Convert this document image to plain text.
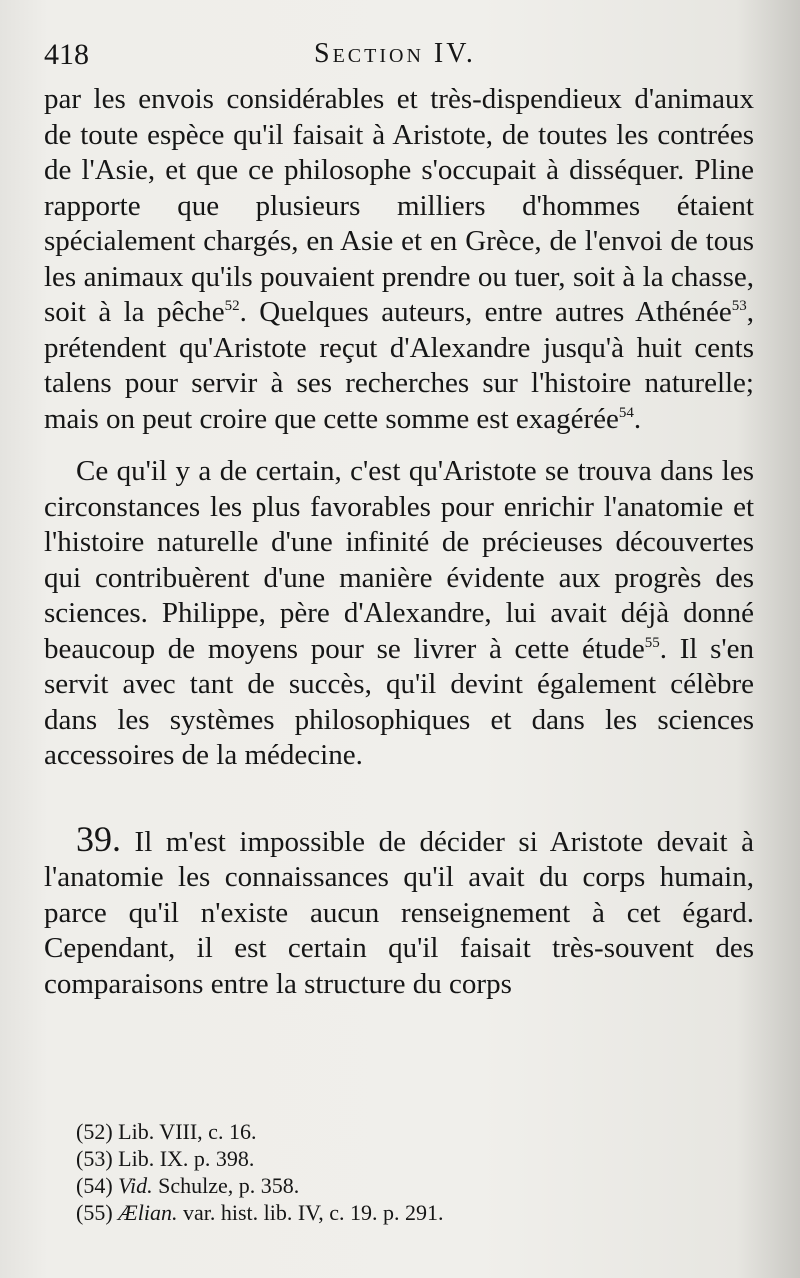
418	Section IV.

par les envois considérables et très-dispendieux d'animaux de toute espèce qu'il faisait à Aristote, de toutes les contrées de l'Asie, et que ce philosophe s'occupait à disséquer. Pline rapporte que plusieurs milliers d'hommes étaient spécialement chargés, en Asie et en Grèce, de l'envoi de tous les animaux qu'ils pouvaient prendre ou tuer, soit à la chasse, soit à la pêche$^{52}$. Quelques auteurs, entre autres Athénée$^{53}$, prétendent qu'Aristote reçut d'Alexandre jusqu'à huit cents talens pour servir à ses recherches sur l'histoire naturelle; mais on peut croire que cette somme est exagérée$^{54}$.

Ce qu'il y a de certain, c'est qu'Aristote se trouva dans les circonstances les plus favorables pour enrichir l'anatomie et l'histoire naturelle d'une infinité de précieuses découvertes qui contribuèrent d'une manière évidente aux progrès des sciences. Philippe, père d'Alexandre, lui avait déjà donné beaucoup de moyens pour se livrer à cette étude$^{55}$. Il s'en servit avec tant de succès, qu'il devint également célèbre dans les systèmes philosophiques et dans les sciences accessoires de la médecine.

39. Il m'est impossible de décider si Aristote devait à l'anatomie les connaissances qu'il avait du corps humain, parce qu'il n'existe aucun renseignement à cet égard. Cependant, il est certain qu'il faisait très-souvent des comparaisons entre la structure du corps

(52) Lib. VIII, c. 16.
(53) Lib. IX. p. 398.
(54) Vid. Schulze, p. 358.
(55) Ælian. var. hist. lib. IV, c. 19. p. 291.
